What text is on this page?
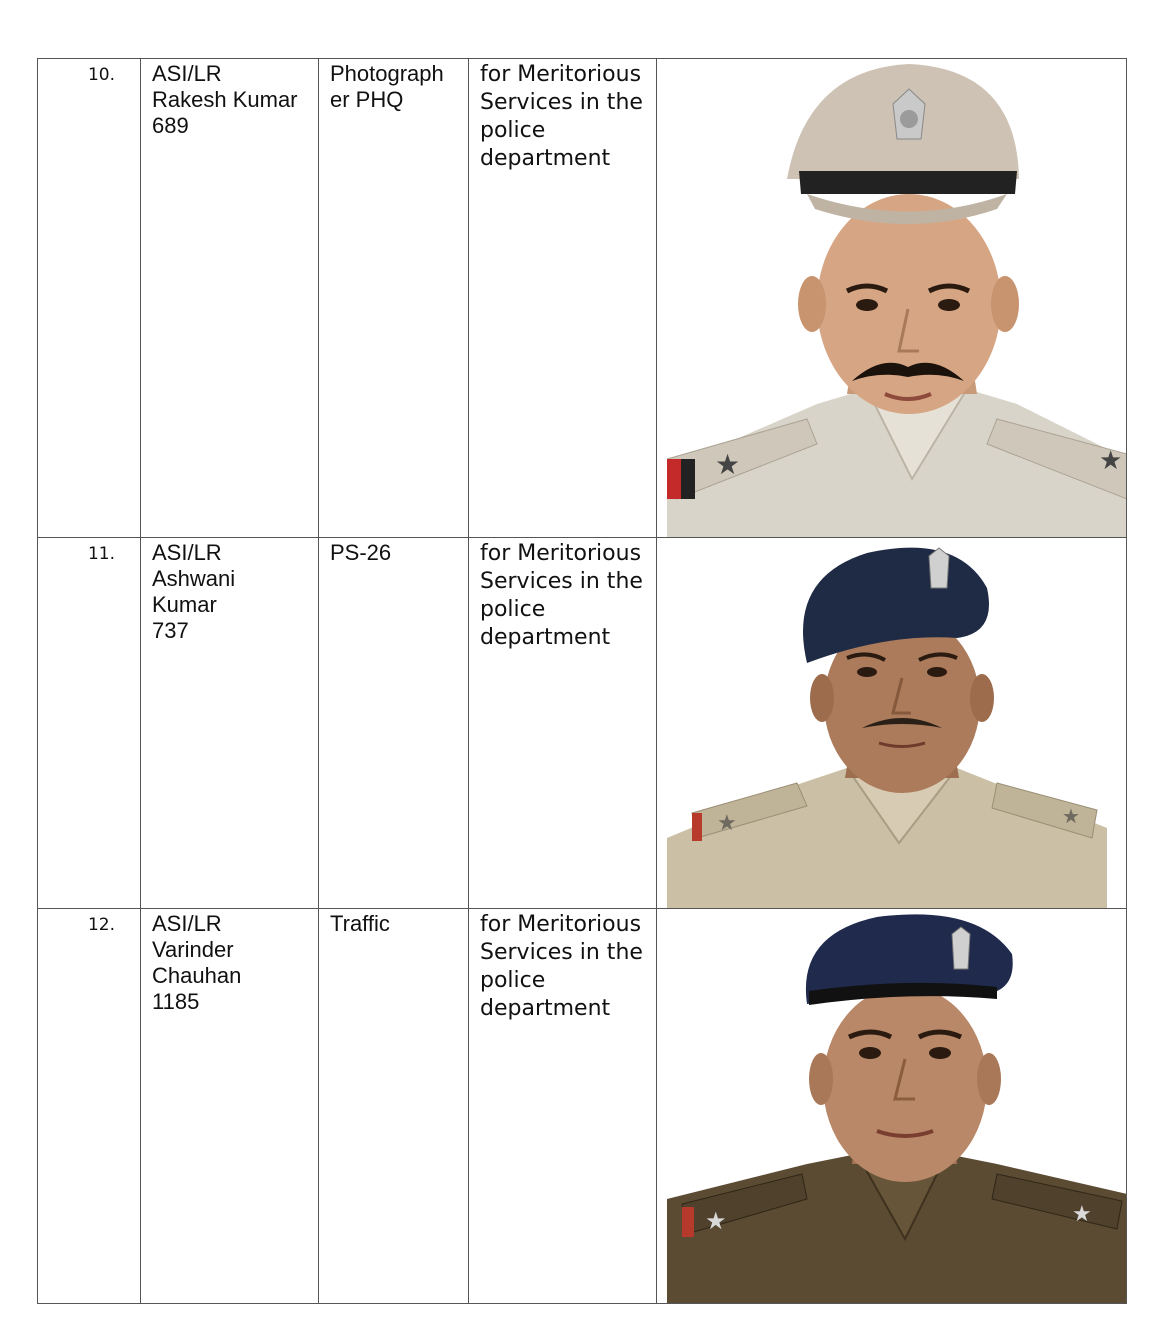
10.	ASI/LR
Rakesh Kumar
689	Photograph
er PHQ	for Meritorious Services in the police department	★ ★

11.	ASI/LR
Ashwani
Kumar
737	PS-26	for Meritorious Services in the police department	★ ★

12.	ASI/LR
Varinder
Chauhan
1185	Traffic	for Meritorious Services in the police department	★ ★
